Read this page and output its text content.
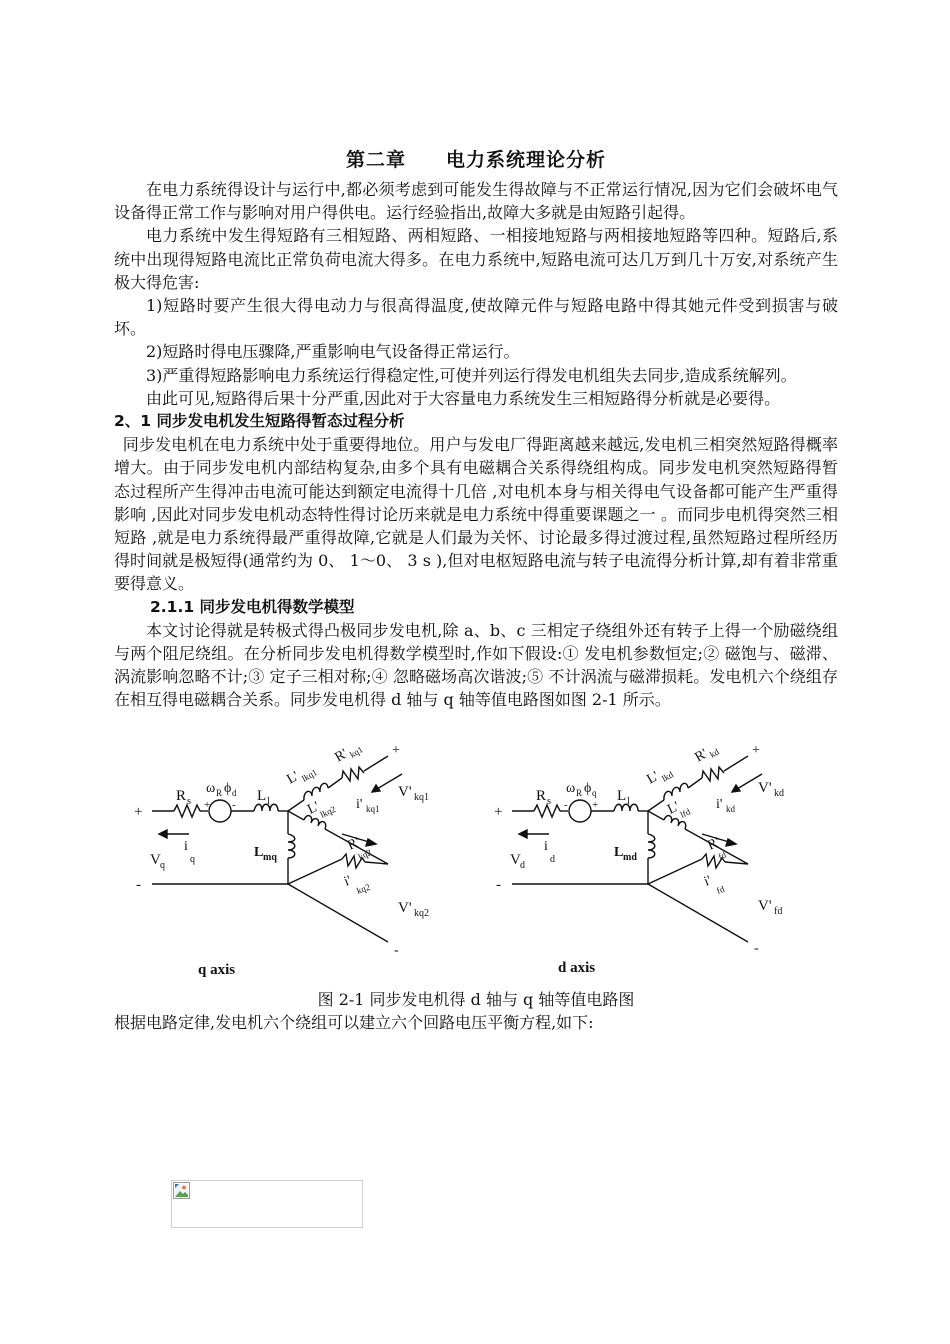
第二章　　电力系统理论分析

在电力系统得设计与运行中,都必须考虑到可能发生得故障与不正常运行情况,因为它们会破坏电气设备得正常工作与影响对用户得供电。运行经验指出,故障大多就是由短路引起得。

电力系统中发生得短路有三相短路、两相短路、一相接地短路与两相接地短路等四种。短路后,系统中出现得短路电流比正常负荷电流大得多。在电力系统中,短路电流可达几万到几十万安,对系统产生极大得危害:

1)短路时要产生很大得电动力与很高得温度,使故障元件与短路电路中得其她元件受到损害与破坏。

2)短路时得电压骤降,严重影响电气设备得正常运行。

3)严重得短路影响电力系统运行得稳定性,可使并列运行得发电机组失去同步,造成系统解列。

由此可见,短路得后果十分严重,因此对于大容量电力系统发生三相短路得分析就是必要得。

2、1 同步发电机发生短路得暂态过程分析

同步发电机在电力系统中处于重要得地位。用户与发电厂得距离越来越远,发电机三相突然短路得概率增大。由于同步发电机内部结构复杂,由多个具有电磁耦合关系得绕组构成。同步发电机突然短路得暂态过程所产生得冲击电流可能达到额定电流得十几倍 ,对电机本身与相关得电气设备都可能产生严重得影响 ,因此对同步发电机动态特性得讨论历来就是电力系统中得重要课题之一 。而同步电机得突然三相短路 ,就是电力系统得最严重得故障,它就是人们最为关怀、讨论最多得过渡过程,虽然短路过程所经历得时间就是极短得(通常约为 0、 1～0、 3 s ),但对电枢短路电流与转子电流得分析计算,却有着非常重要得意义。

2.1.1 同步发电机得数学模型

本文讨论得就是转极式得凸极同步发电机,除 a、b、c 三相定子绕组外还有转子上得一个励磁绕组与两个阻尼绕组。在分析同步发电机得数学模型时,作如下假设:① 发电机参数恒定;② 磁饱与、磁滞、涡流影响忽略不计;③ 定子三相对称;④ 忽略磁场高次谐波;⑤ 不计涡流与磁滞损耗。发电机六个绕组存在相互得电磁耦合关系。同步发电机得 d 轴与 q 轴等值电路图如图 2-1 所示。

+
-
R s
ω R ϕ d
+ -
L l
L mq
V q
i
q
q axis
L'
lkq1
R'
kq1 +
V' kq1
i' kq1
L'
lkq2
R'
kq2
i' kq2
V' kq2
-
+
-
R s
ω R ϕ q
- +
L l
L md
V d
i
d
d axis
L'
lkd
R'
kd +
V' kd
i' kd
L'
lfd
R'
fd
i'
fd
V' fd
-

图 2-1 同步发电机得 d 轴与 q 轴等值电路图

根据电路定律,发电机六个绕组可以建立六个回路电压平衡方程,如下:
